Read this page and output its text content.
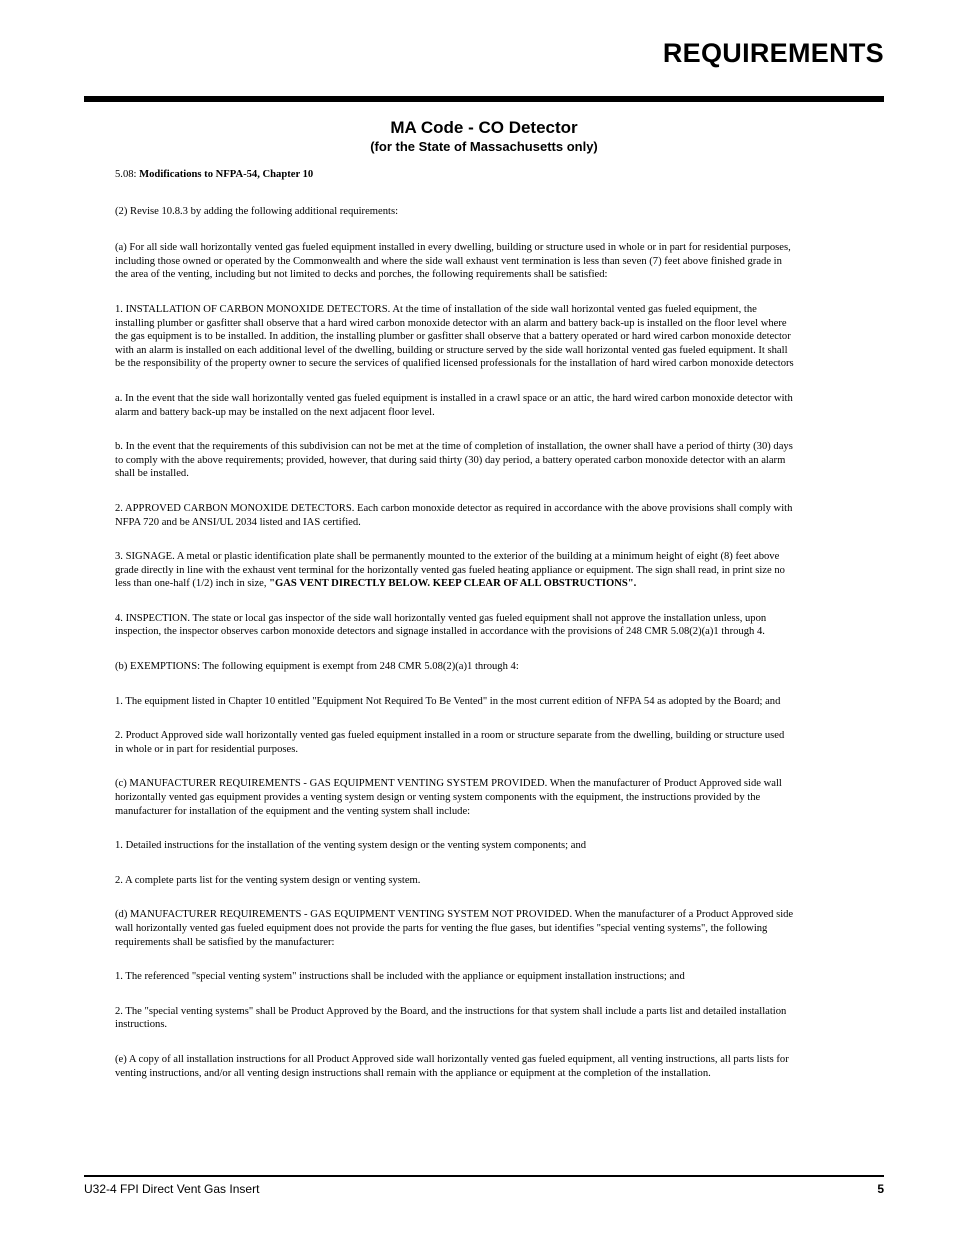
REQUIREMENTS
MA Code - CO Detector
(for the State of Massachusetts only)

5.08: Modifications to NFPA-54, Chapter 10

(2) Revise 10.8.3 by adding the following additional requirements:

(a) For all side wall horizontally vented gas fueled equipment installed in every dwelling, building or structure used in whole or in part for residential purposes, including those owned or operated by the Commonwealth and where the side wall exhaust vent termination is less than seven (7) feet above finished grade in the area of the venting, including but not limited to decks and porches, the following requirements shall be satisfied:

1. INSTALLATION OF CARBON MONOXIDE DETECTORS. At the time of installation of the side wall horizontal vented gas fueled equipment, the installing plumber or gasfitter shall observe that a hard wired carbon monoxide detector with an alarm and battery back-up is installed on the floor level where the gas equipment is to be installed. In addition, the installing plumber or gasfitter shall observe that a battery operated or hard wired carbon monoxide detector with an alarm is installed on each additional level of the dwelling, building or structure served by the side wall horizontal vented gas fueled equipment. It shall be the responsibility of the property owner to secure the services of qualified licensed professionals for the installation of hard wired carbon monoxide detectors

a. In the event that the side wall horizontally vented gas fueled equipment is installed in a crawl space or an attic, the hard wired carbon monoxide detector with alarm and battery back-up may be installed on the next adjacent floor level.

b. In the event that the requirements of this subdivision can not be met at the time of completion of installation, the owner shall have a period of thirty (30) days to comply with the above requirements; provided, however, that during said thirty (30) day period, a battery operated carbon monoxide detector with an alarm shall be installed.

2. APPROVED CARBON MONOXIDE DETECTORS. Each carbon monoxide detector as required in accordance with the above provisions shall comply with NFPA 720 and be ANSI/UL 2034 listed and IAS certified.

3. SIGNAGE. A metal or plastic identification plate shall be permanently mounted to the exterior of the building at a minimum height of eight (8) feet above grade directly in line with the exhaust vent terminal for the horizontally vented gas fueled heating appliance or equipment. The sign shall read, in print size no less than one-half (1/2) inch in size, "GAS VENT DIRECTLY BELOW. KEEP CLEAR OF ALL OBSTRUCTIONS".

4. INSPECTION. The state or local gas inspector of the side wall horizontally vented gas fueled equipment shall not approve the installation unless, upon inspection, the inspector observes carbon monoxide detectors and signage installed in accordance with the provisions of 248 CMR 5.08(2)(a)1 through 4.

(b) EXEMPTIONS: The following equipment is exempt from 248 CMR 5.08(2)(a)1 through 4:

1. The equipment listed in Chapter 10 entitled "Equipment Not Required To Be Vented" in the most current edition of NFPA 54 as adopted by the Board; and

2. Product Approved side wall horizontally vented gas fueled equipment installed in a room or structure separate from the dwelling, building or structure used in whole or in part for residential purposes.

(c) MANUFACTURER REQUIREMENTS - GAS EQUIPMENT VENTING SYSTEM PROVIDED. When the manufacturer of Product Approved side wall horizontally vented gas equipment provides a venting system design or venting system components with the equipment, the instructions provided by the manufacturer for installation of the equipment and the venting system shall include:

1. Detailed instructions for the installation of the venting system design or the venting system components; and

2. A complete parts list for the venting system design or venting system.

(d) MANUFACTURER REQUIREMENTS - GAS EQUIPMENT VENTING SYSTEM NOT PROVIDED. When the manufacturer of a Product Approved side wall horizontally vented gas fueled equipment does not provide the parts for venting the flue gases, but identifies "special venting systems", the following requirements shall be satisfied by the manufacturer:

1. The referenced "special venting system" instructions shall be included with the appliance or equipment installation instructions; and

2. The "special venting systems" shall be Product Approved by the Board, and the instructions for that system shall include a parts list and detailed installation instructions.

(e) A copy of all installation instructions for all Product Approved side wall horizontally vented gas fueled equipment, all venting instructions, all parts lists for venting instructions, and/or all venting design instructions shall remain with the appliance or equipment at the completion of the installation.

U32-4 FPI Direct Vent Gas Insert	5
